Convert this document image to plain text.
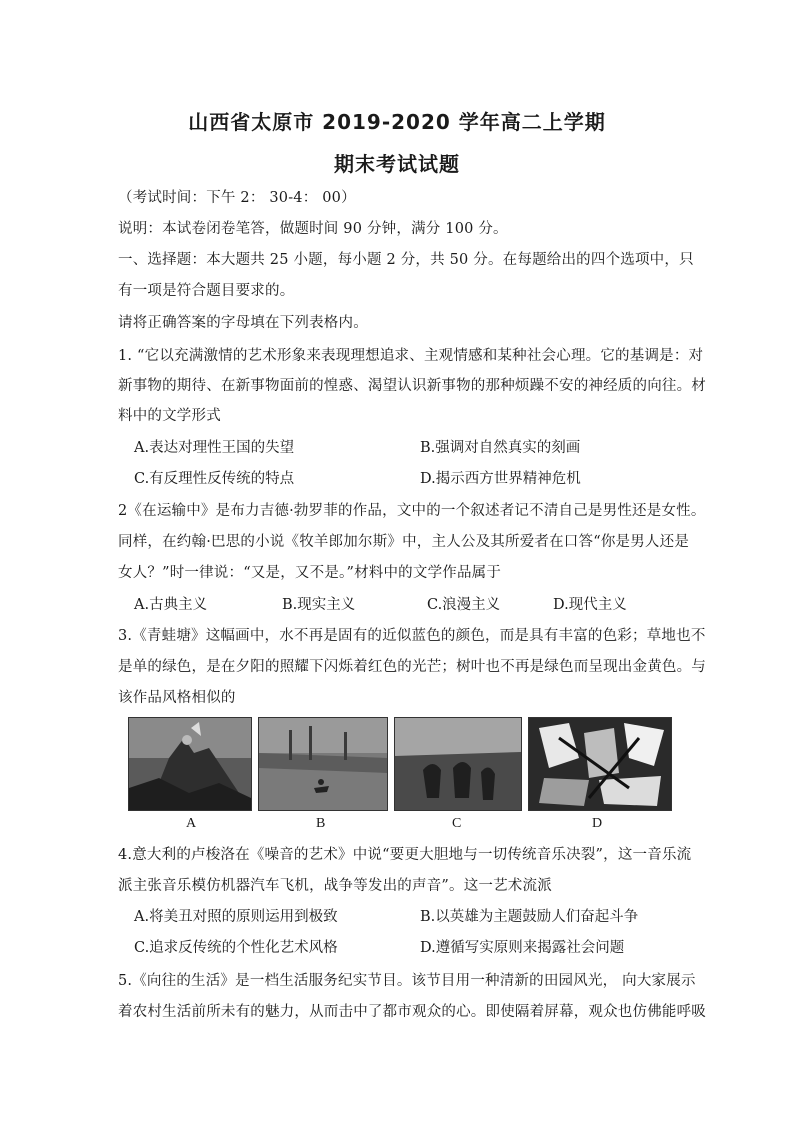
山西省太原市 2019-2020 学年高二上学期
期末考试试题
（考试时间：下午 2： 30-4： 00）
说明：本试卷闭卷笔答，做题时间 90 分钟，满分 100 分。
一、选择题：本大题共 25 小题，每小题 2 分，共 50 分。在每题给出的四个选项中，只
有一项是符合题目要求的。
请将正确答案的字母填在下列表格内。
1. “它以充满激情的艺术形象来表现理想追求、主观情感和某种社会心理。它的基调是：对
新事物的期待、在新事物面前的惶惑、渴望认识新事物的那种烦躁不安的神经质的向往。材
料中的文学形式
A.表达对理性王国的失望	B.强调对自然真实的刻画
C.有反理性反传统的特点	D.揭示西方世界精神危机
2《在运输中》是布力吉德·勃罗菲的作品，文中的一个叙述者记不清自己是男性还是女性。
同样，在约翰·巴思的小说《牧羊郎加尔斯》中，主人公及其所爱者在口答“你是男人还是
女人？”时一律说：“又是，又不是。”材料中的文学作品属于
A.古典主义	B.现实主义	C.浪漫主义	D.现代主义
3.《青蛙塘》这幅画中，水不再是固有的近似蓝色的颜色，而是具有丰富的色彩；草地也不
是单的绿色，是在夕阳的照耀下闪烁着红色的光芒；树叶也不再是绿色而呈现出金黄色。与
该作品风格相似的
A	B	C	D
4.意大利的卢梭洛在《噪音的艺术》中说“要更大胆地与一切传统音乐决裂”，这一音乐流
派主张音乐模仿机器汽车飞机，战争等发出的声音”。这一艺术流派
A.将美丑对照的原则运用到极致	B.以英雄为主题鼓励人们奋起斗争
C.追求反传统的个性化艺术风格	D.遵循写实原则来揭露社会问题
5.《向往的生活》是一档生活服务纪实节目。该节目用一种清新的田园风光， 向大家展示
着农村生活前所未有的魅力，从而击中了都市观众的心。即使隔着屏幕，观众也仿佛能呼吸
